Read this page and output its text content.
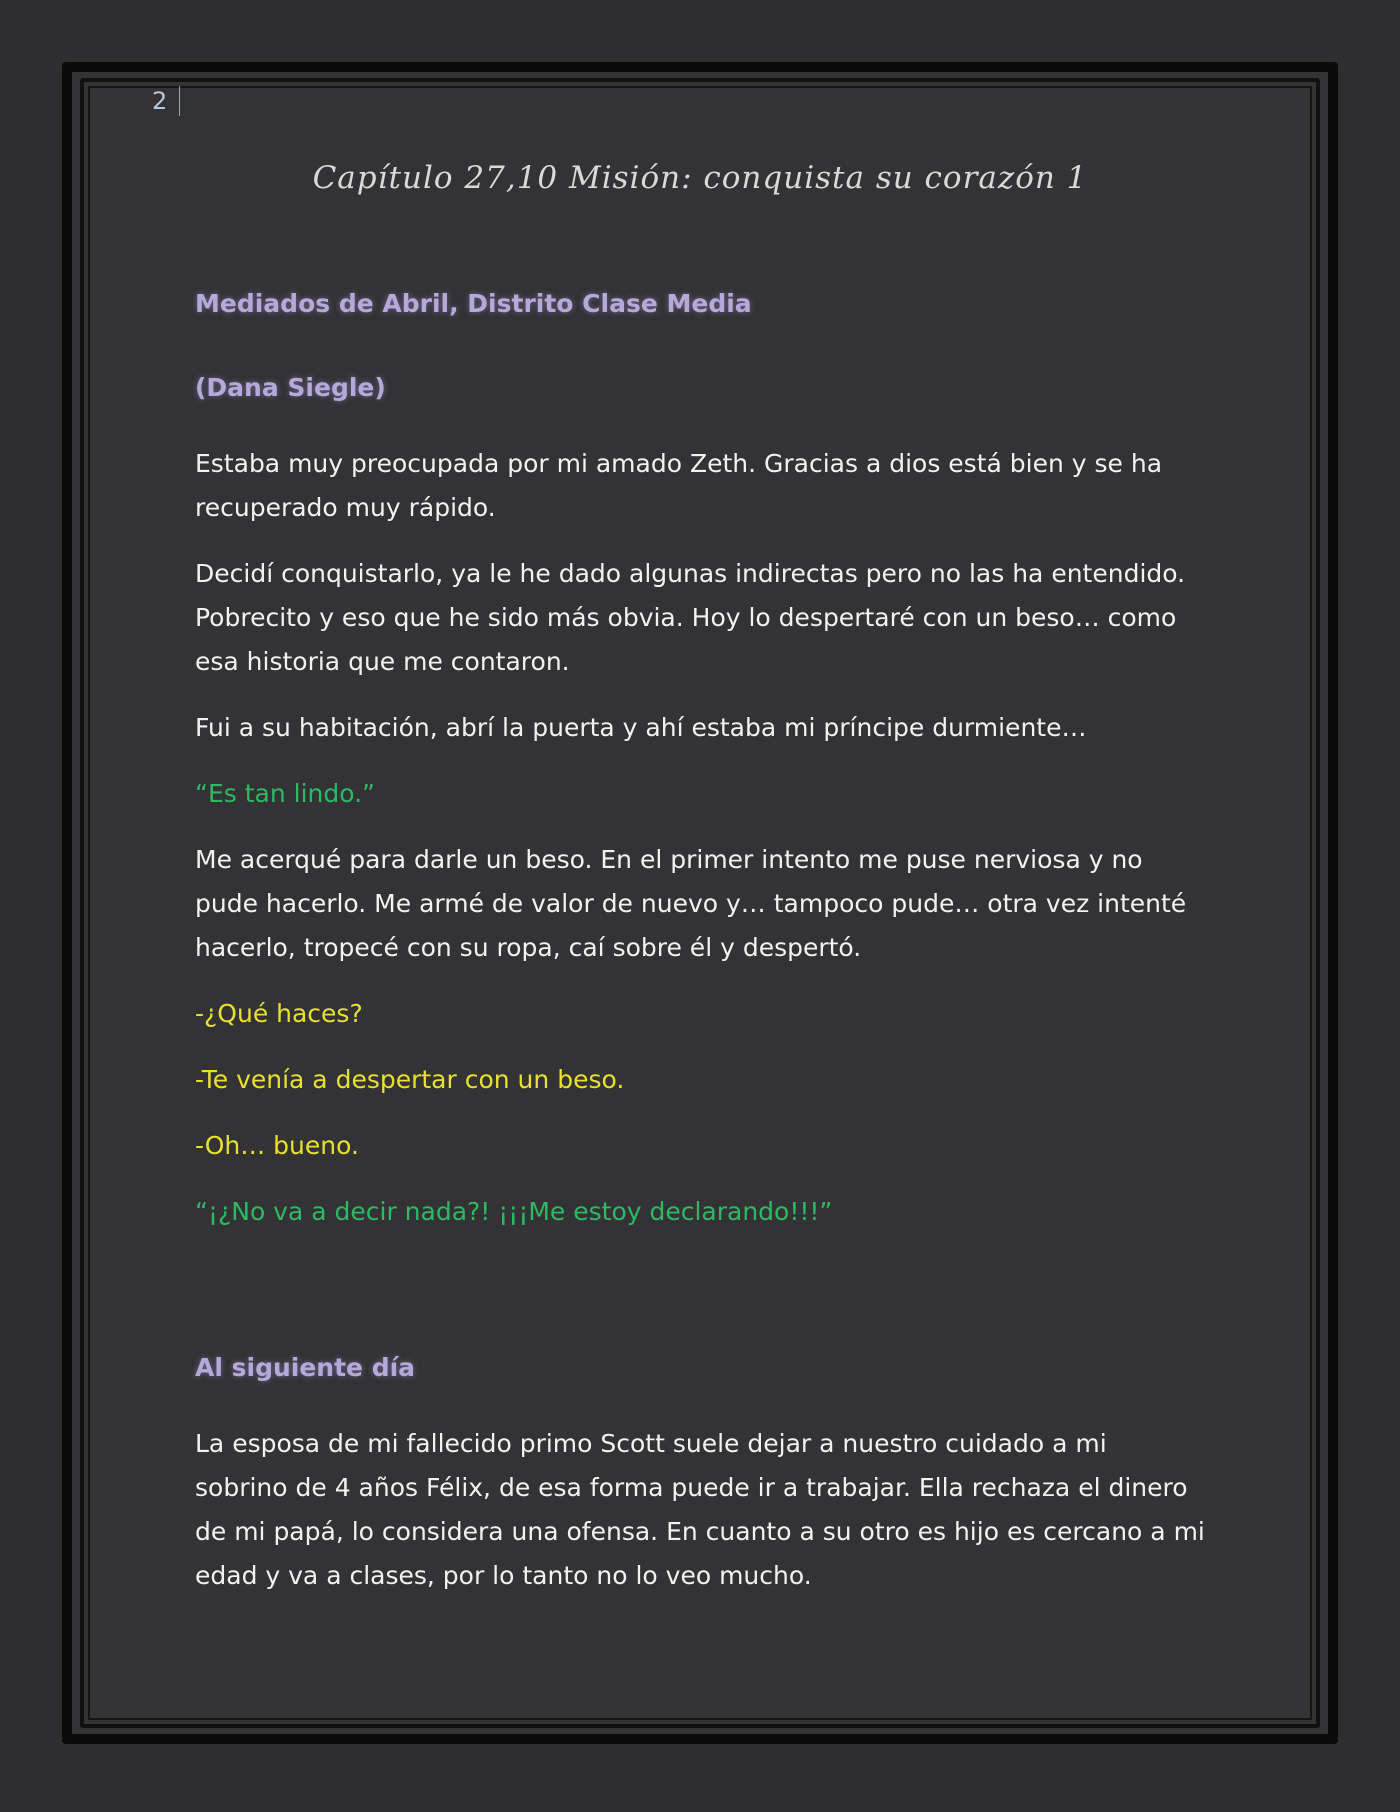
2
Capítulo 27,10 Misión: conquista su corazón 1

Mediados de Abril, Distrito Clase Media

(Dana Siegle)

Estaba muy preocupada por mi amado Zeth. Gracias a dios está bien y se ha recuperado muy rápido.

Decidí conquistarlo, ya le he dado algunas indirectas pero no las ha entendido. Pobrecito y eso que he sido más obvia. Hoy lo despertaré con un beso… como esa historia que me contaron.

Fui a su habitación, abrí la puerta y ahí estaba mi príncipe durmiente…

“Es tan lindo.”

Me acerqué para darle un beso. En el primer intento me puse nerviosa y no pude hacerlo. Me armé de valor de nuevo y… tampoco pude… otra vez intenté hacerlo, tropecé con su ropa, caí sobre él y despertó.

-¿Qué haces?

-Te venía a despertar con un beso.

-Oh… bueno.

“¡¿No va a decir nada?! ¡¡¡Me estoy declarando!!!”

Al siguiente día

La esposa de mi fallecido primo Scott suele dejar a nuestro cuidado a mi sobrino de 4 años Félix, de esa forma puede ir a trabajar. Ella rechaza el dinero de mi papá, lo considera una ofensa. En cuanto a su otro es hijo es cercano a mi edad y va a clases, por lo tanto no lo veo mucho.
